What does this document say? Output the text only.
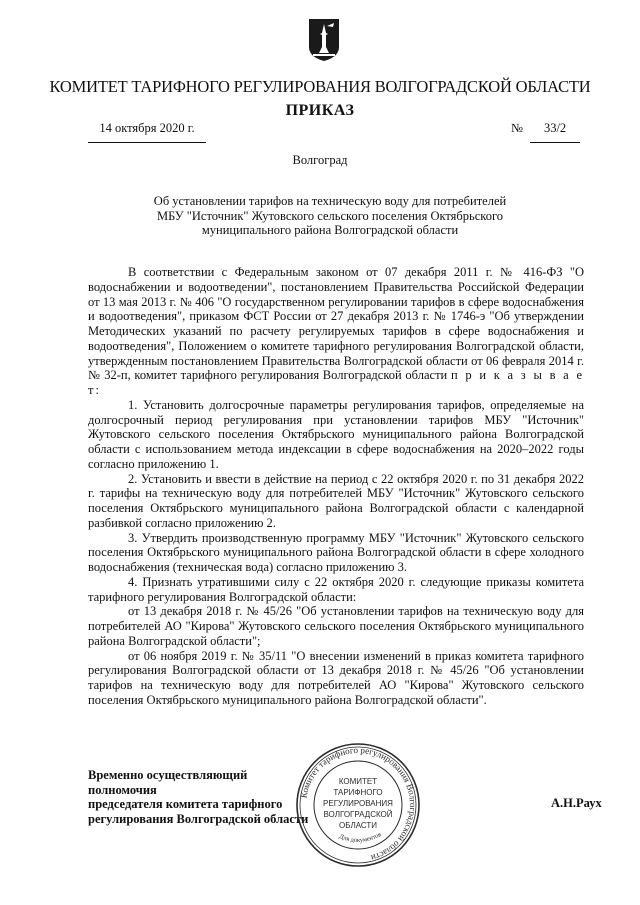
КОМИТЕТ ТАРИФНОГО РЕГУЛИРОВАНИЯ ВОЛГОГРАДСКОЙ ОБЛАСТИ
ПРИКАЗ
14 октября 2020 г.	№ 33/2
Волгоград
Об установлении тарифов на техническую воду для потребителей МБУ "Источник" Жутовского сельского поселения Октябрьского муниципального района Волгоградской области

В соответствии с Федеральным законом от 07 декабря 2011 г. № 416-ФЗ "О водоснабжении и водоотведении", постановлением Правительства Российской Федерации от 13 мая 2013 г. № 406 "О государственном регулировании тарифов в сфере водоснабжения и водоотведения", приказом ФСТ России от 27 декабря 2013 г. № 1746-э "Об утверждении Методических указаний по расчету регулируемых тарифов в сфере водоснабжения и водоотведения", Положением о комитете тарифного регулирования Волгоградской области, утвержденным постановлением Правительства Волгоградской области от 06 февраля 2014 г. № 32-п, комитет тарифного регулирования Волгоградской области п р и к а з ы в а е т:

1. Установить долгосрочные параметры регулирования тарифов, определяемые на долгосрочный период регулирования при установлении тарифов МБУ "Источник" Жутовского сельского поселения Октябрьского муниципального района Волгоградской области с использованием метода индексации в сфере водоснабжения на 2020–2022 годы согласно приложению 1.

2. Установить и ввести в действие на период с 22 октября 2020 г. по 31 декабря 2022 г. тарифы на техническую воду для потребителей МБУ "Источник" Жутовского сельского поселения Октябрьского муниципального района Волгоградской области с календарной разбивкой согласно приложению 2.

3. Утвердить производственную программу МБУ "Источник" Жутовского сельского поселения Октябрьского муниципального района Волгоградской области в сфере холодного водоснабжения (техническая вода) согласно приложению 3.

4. Признать утратившими силу с 22 октября 2020 г. следующие приказы комитета тарифного регулирования Волгоградской области:

от 13 декабря 2018 г. № 45/26 "Об установлении тарифов на техническую воду для потребителей АО "Кирова" Жутовского сельского поселения Октябрьского муниципального района Волгоградской области";

от 06 ноября 2019 г. № 35/11 "О внесении изменений в приказ комитета тарифного регулирования Волгоградской области от 13 декабря 2018 г. № 45/26 "Об установлении тарифов на техническую воду для потребителей АО "Кирова" Жутовского сельского поселения Октябрьского муниципального района Волгоградской области".

Временно осуществляющий полномочия
председателя комитета тарифного
регулирования Волгоградской области
Комитет тарифного регулирования Волгоградской области
КОМИТЕТ
ТАРИФНОГО
РЕГУЛИРОВАНИЯ
ВОЛГОГРАДСКОЙ
ОБЛАСТИ
Для документов
А.Н.Раух
